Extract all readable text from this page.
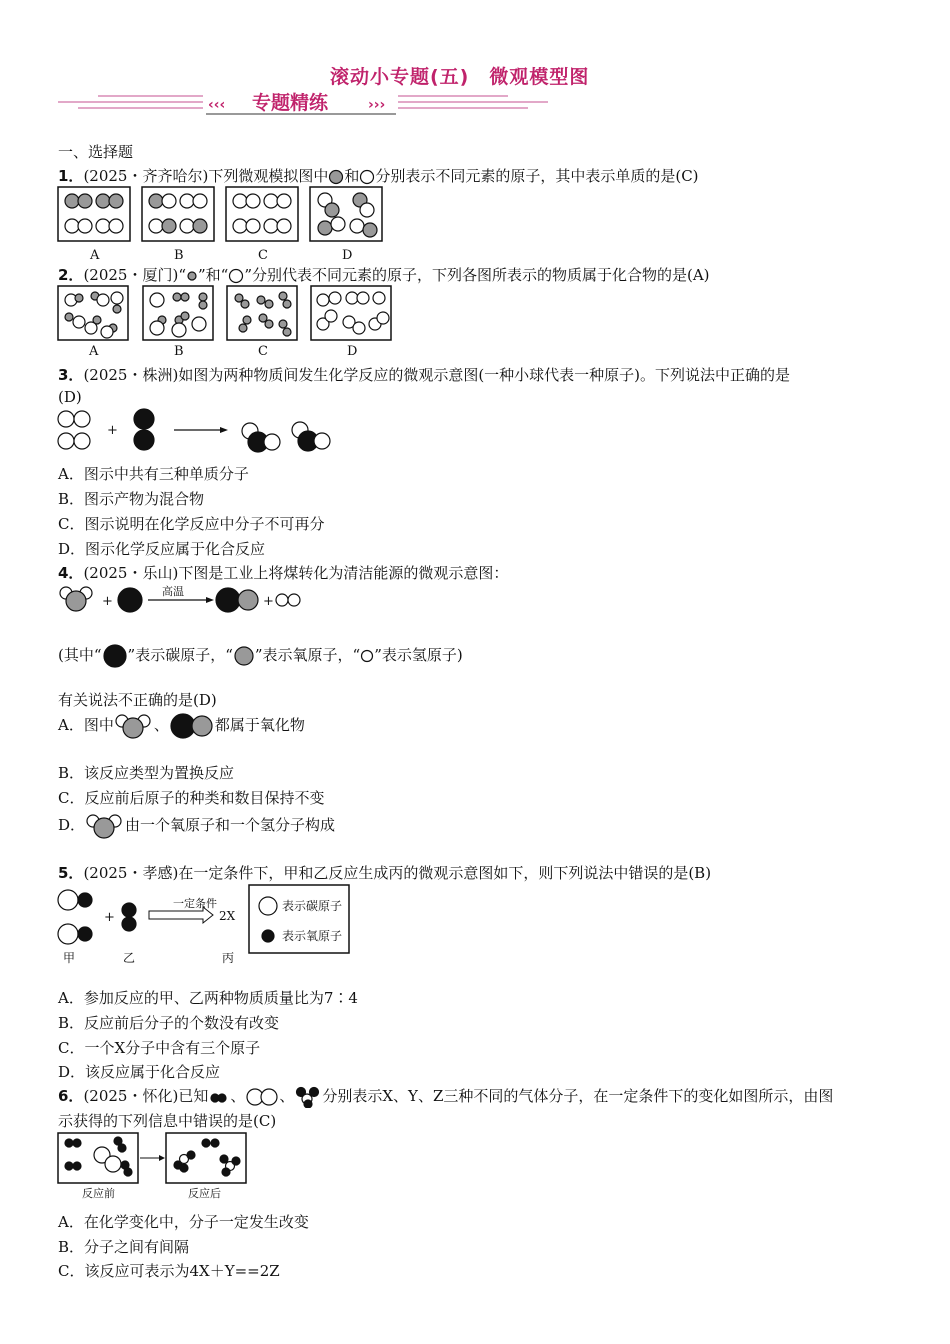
滚动小专题(五)　微观模型图
‹‹‹	›››
专题精练
一、选择题
1．(2025・齐齐哈尔)下列微观模拟图中 和 分别表示不同元素的原子，其中表示单质的是(C)
A	B	C	D
2．(2025・厦门)“ ”和“ ”分别代表不同元素的原子，下列各图所表示的物质属于化合物的是(A)
A	B	C	D
3．(2025・株洲)如图为两种物质间发生化学反应的微观示意图(一种小球代表一种原子)。下列说法中正确的是
(D)
+
A．图示中共有三种单质分子
B．图示产物为混合物
C．图示说明在化学反应中分子不可再分
D．图示化学反应属于化合反应
4．(2025・乐山)下图是工业上将煤转化为清洁能源的微观示意图：
+
高温
+
(其中“ ”表示碳原子，“ ”表示氧原子，“ ”表示氢原子)
有关说法不正确的是(D)
A．图中	、	都属于氧化物
B．该反应类型为置换反应
C．反应前后原子的种类和数目保持不变
D．	由一个氧原子和一个氢分子构成
5．(2025・孝感)在一定条件下，甲和乙反应生成丙的微观示意图如下，则下列说法中错误的是(B)
+
一定条件
2X
表示碳原子
表示氧原子
甲	乙	丙
A．参加反应的甲、乙两种物质质量比为7∶4
B．反应前后分子的个数没有改变
C．一个X分子中含有三个原子
D．该反应属于化合反应
6．(2025・怀化)已知 、 、 分别表示X、Y、Z三种不同的气体分子，在一定条件下的变化如图所示，由图
示获得的下列信息中错误的是(C)
反应前	反应后
A．在化学变化中，分子一定发生改变
B．分子之间有间隔
C．该反应可表示为4X＋Y==2Z
